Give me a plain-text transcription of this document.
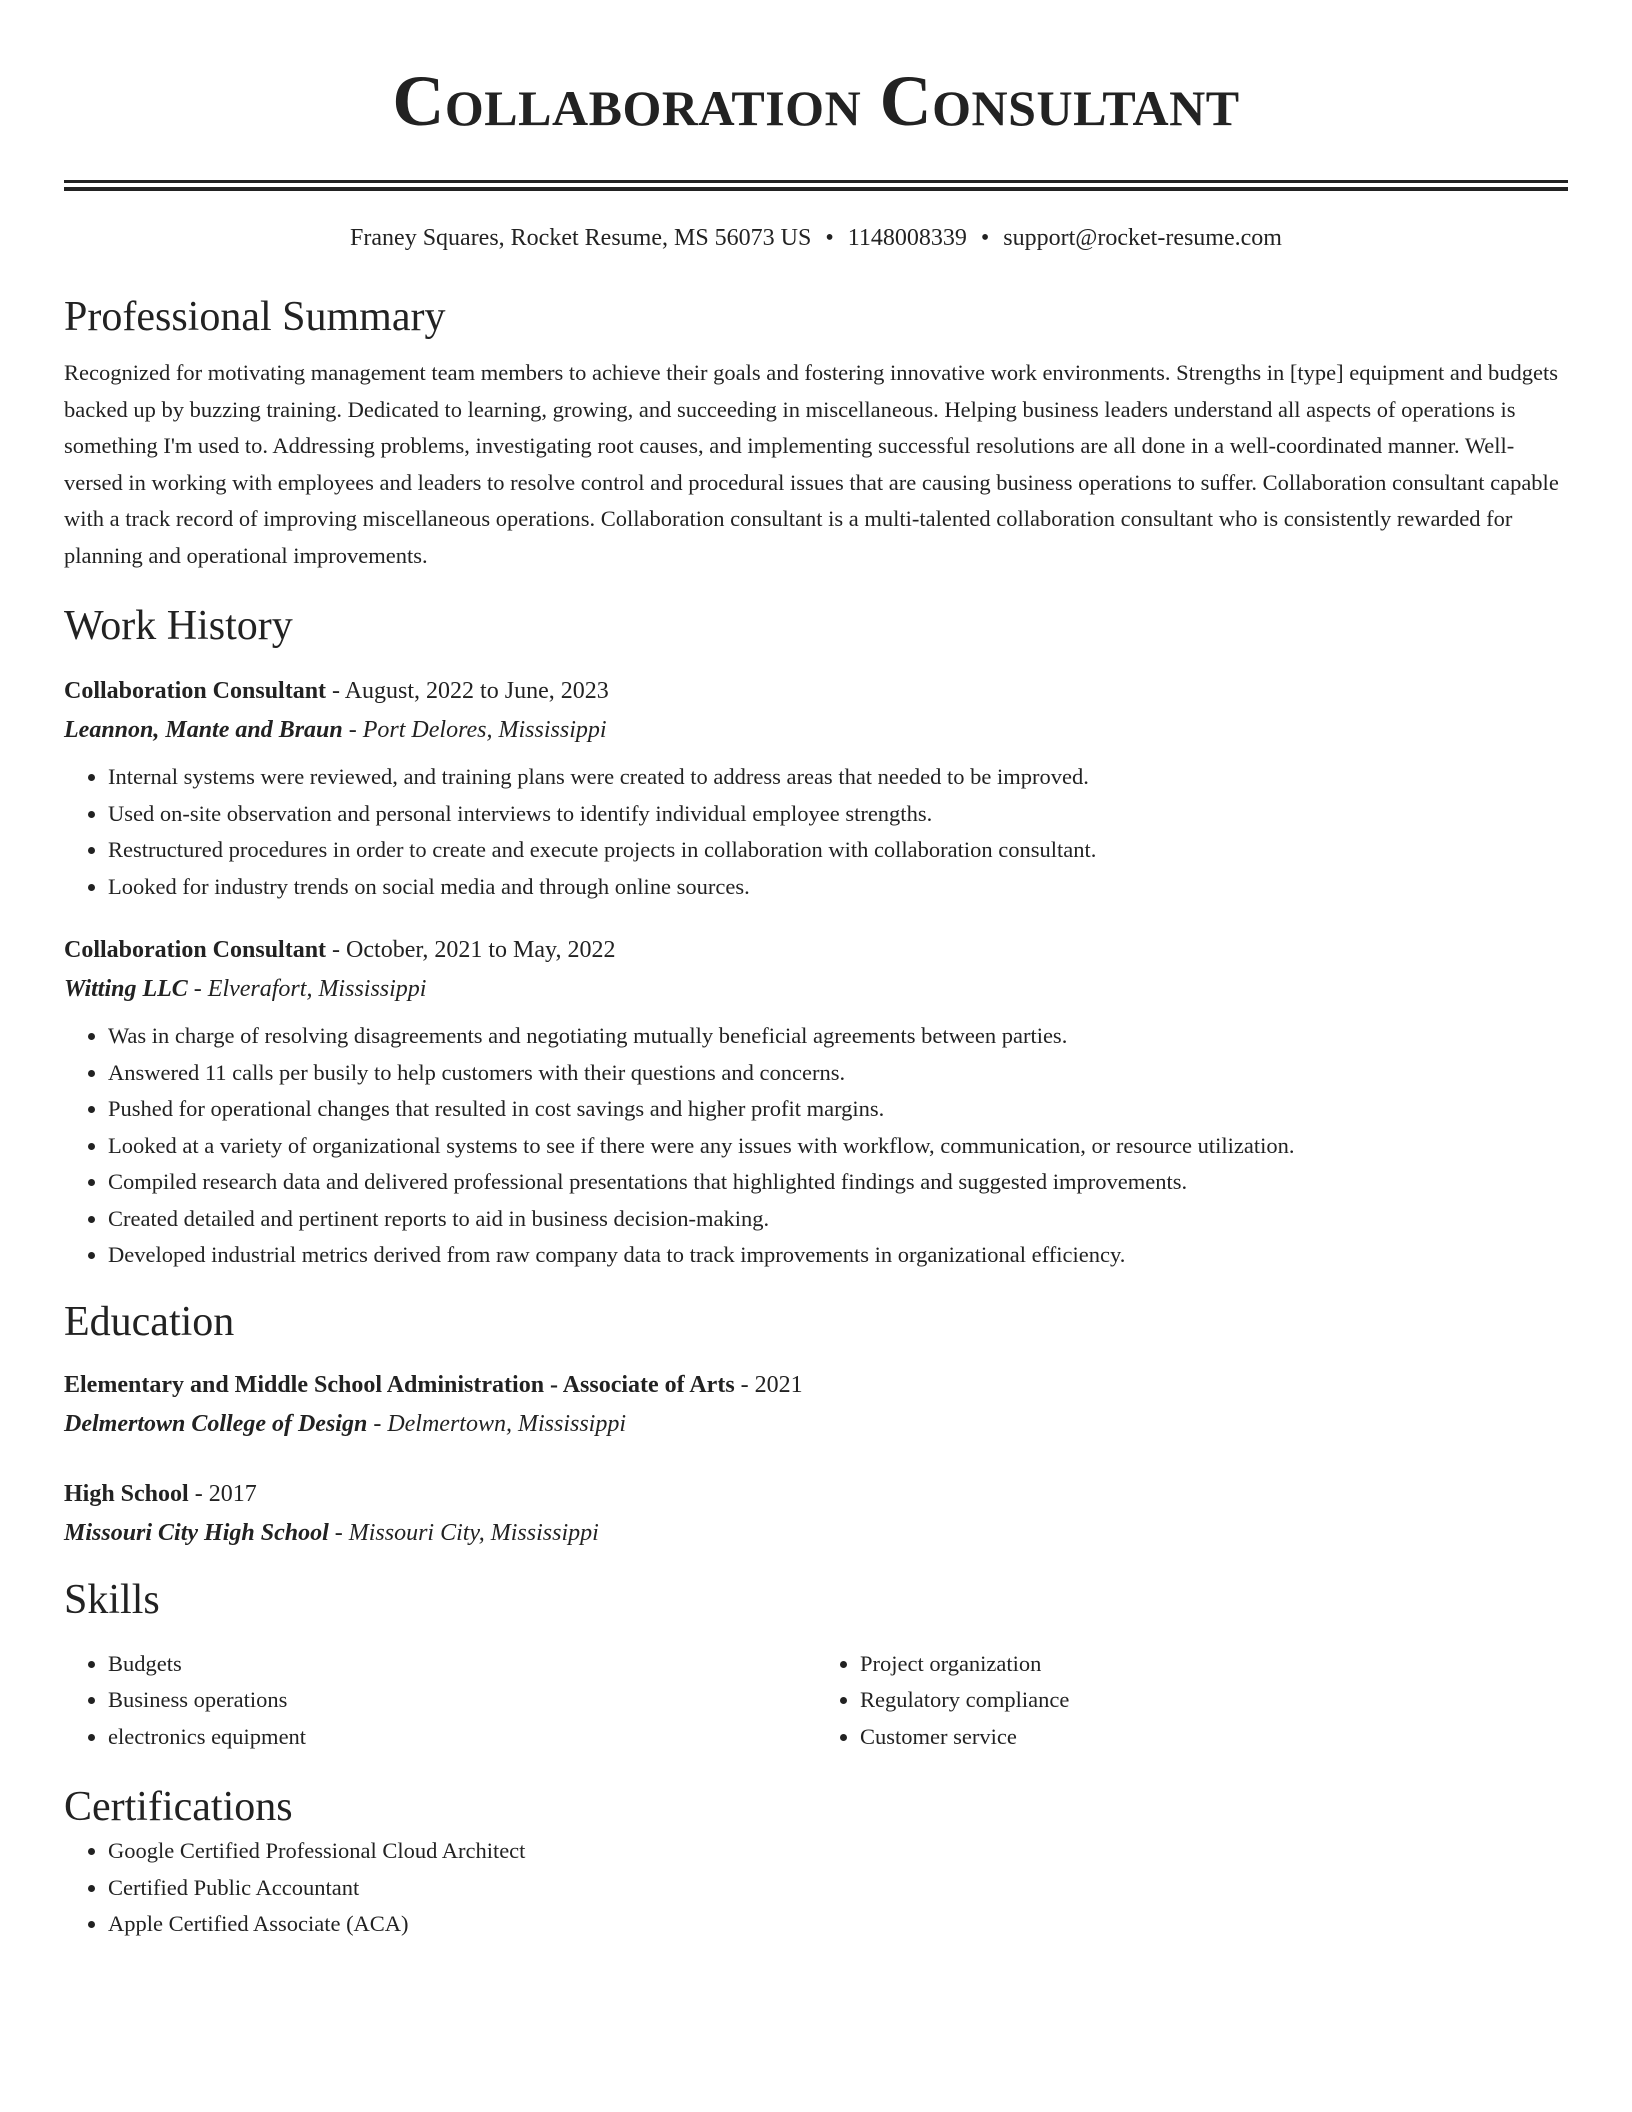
Collaboration Consultant
Franey Squares, Rocket Resume, MS 56073 US • 1148008339 • support@rocket-resume.com
Professional Summary
Recognized for motivating management team members to achieve their goals and fostering innovative work environments. Strengths in [type] equipment and budgets backed up by buzzing training. Dedicated to learning, growing, and succeeding in miscellaneous. Helping business leaders understand all aspects of operations is something I'm used to. Addressing problems, investigating root causes, and implementing successful resolutions are all done in a well-coordinated manner. Well-versed in working with employees and leaders to resolve control and procedural issues that are causing business operations to suffer. Collaboration consultant capable with a track record of improving miscellaneous operations. Collaboration consultant is a multi-talented collaboration consultant who is consistently rewarded for planning and operational improvements.
Work History
Collaboration Consultant - August, 2022 to June, 2023
Leannon, Mante and Braun - Port Delores, Mississippi
• Internal systems were reviewed, and training plans were created to address areas that needed to be improved.
• Used on-site observation and personal interviews to identify individual employee strengths.
• Restructured procedures in order to create and execute projects in collaboration with collaboration consultant.
• Looked for industry trends on social media and through online sources.
Collaboration Consultant - October, 2021 to May, 2022
Witting LLC - Elverafort, Mississippi
• Was in charge of resolving disagreements and negotiating mutually beneficial agreements between parties.
• Answered 11 calls per busily to help customers with their questions and concerns.
• Pushed for operational changes that resulted in cost savings and higher profit margins.
• Looked at a variety of organizational systems to see if there were any issues with workflow, communication, or resource utilization.
• Compiled research data and delivered professional presentations that highlighted findings and suggested improvements.
• Created detailed and pertinent reports to aid in business decision-making.
• Developed industrial metrics derived from raw company data to track improvements in organizational efficiency.
Education
Elementary and Middle School Administration - Associate of Arts - 2021
Delmertown College of Design - Delmertown, Mississippi
High School - 2017
Missouri City High School - Missouri City, Mississippi
Skills
• Budgets
• Business operations
• electronics equipment
• Project organization
• Regulatory compliance
• Customer service
Certifications
• Google Certified Professional Cloud Architect
• Certified Public Accountant
• Apple Certified Associate (ACA)
